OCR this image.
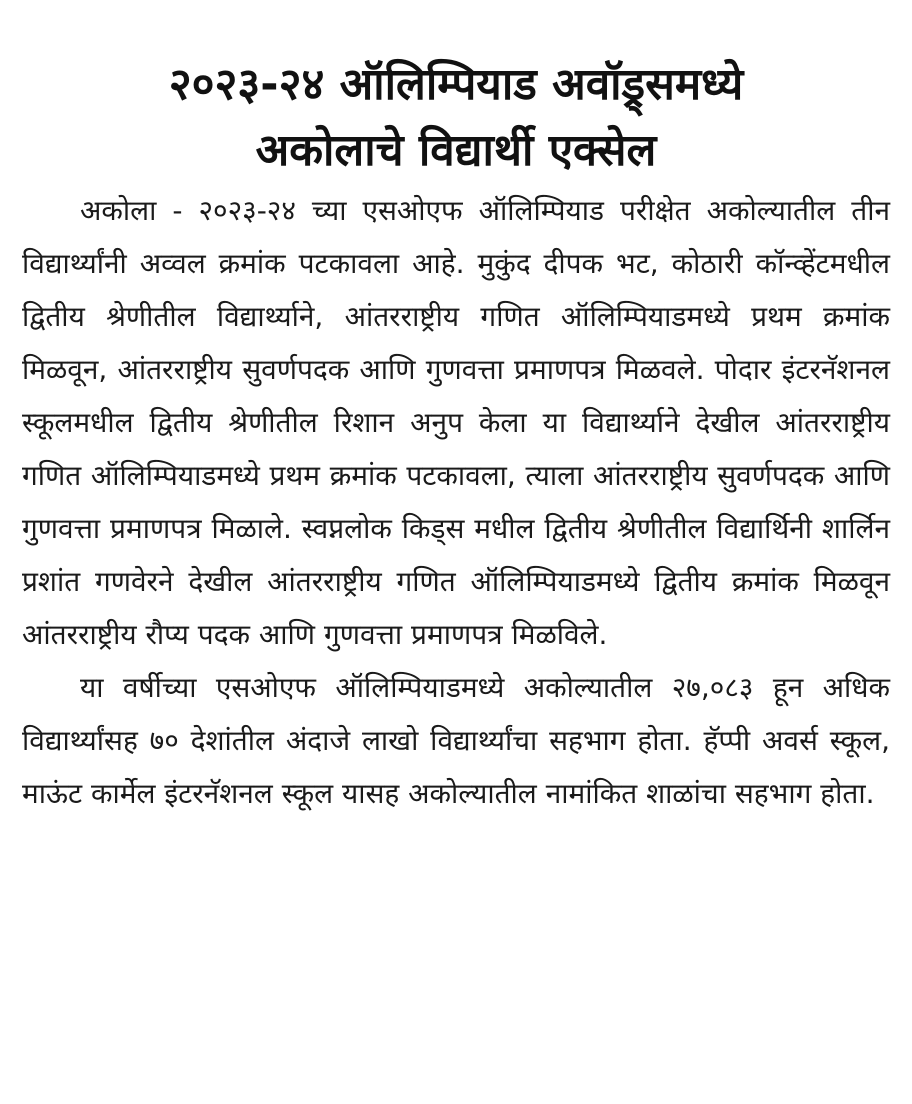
२०२३-२४ ऑलिम्पियाड अवॉड्र्समध्ये
अकोलाचे विद्यार्थी एक्सेल

अकोला - २०२३-२४ च्या एसओएफ ऑलिम्पियाड परीक्षेत अकोल्यातील तीन विद्यार्थ्यांनी अव्वल क्रमांक पटकावला आहे. मुकुंद दीपक भट, कोठारी कॉन्व्हेंटमधील द्वितीय श्रेणीतील विद्यार्थ्याने, आंतरराष्ट्रीय गणित ऑलिम्पियाडमध्ये प्रथम क्रमांक मिळवून, आंतरराष्ट्रीय सुवर्णपदक आणि गुणवत्ता प्रमाणपत्र मिळवले. पोदार इंटरनॅशनल स्कूलमधील द्वितीय श्रेणीतील रिशान अनुप केला या विद्यार्थ्याने देखील आंतरराष्ट्रीय गणित ऑलिम्पियाडमध्ये प्रथम क्रमांक पटकावला, त्याला आंतरराष्ट्रीय सुवर्णपदक आणि गुणवत्ता प्रमाणपत्र मिळाले. स्वप्नलोक किड्स मधील द्वितीय श्रेणीतील विद्यार्थिनी शार्लिन प्रशांत गणवेरने देखील आंतरराष्ट्रीय गणित ऑलिम्पियाडमध्ये द्वितीय क्रमांक मिळवून आंतरराष्ट्रीय रौप्य पदक आणि गुणवत्ता प्रमाणपत्र मिळविले.

या वर्षीच्या एसओएफ ऑलिम्पियाडमध्ये अकोल्यातील २७,०८३ हून अधिक विद्यार्थ्यांसह ७० देशांतील अंदाजे लाखो विद्यार्थ्यांचा सहभाग होता. हॅप्पी अवर्स स्कूल, माऊंट कार्मेल इंटरनॅशनल स्कूल यासह अकोल्यातील नामांकित शाळांचा सहभाग होता.
